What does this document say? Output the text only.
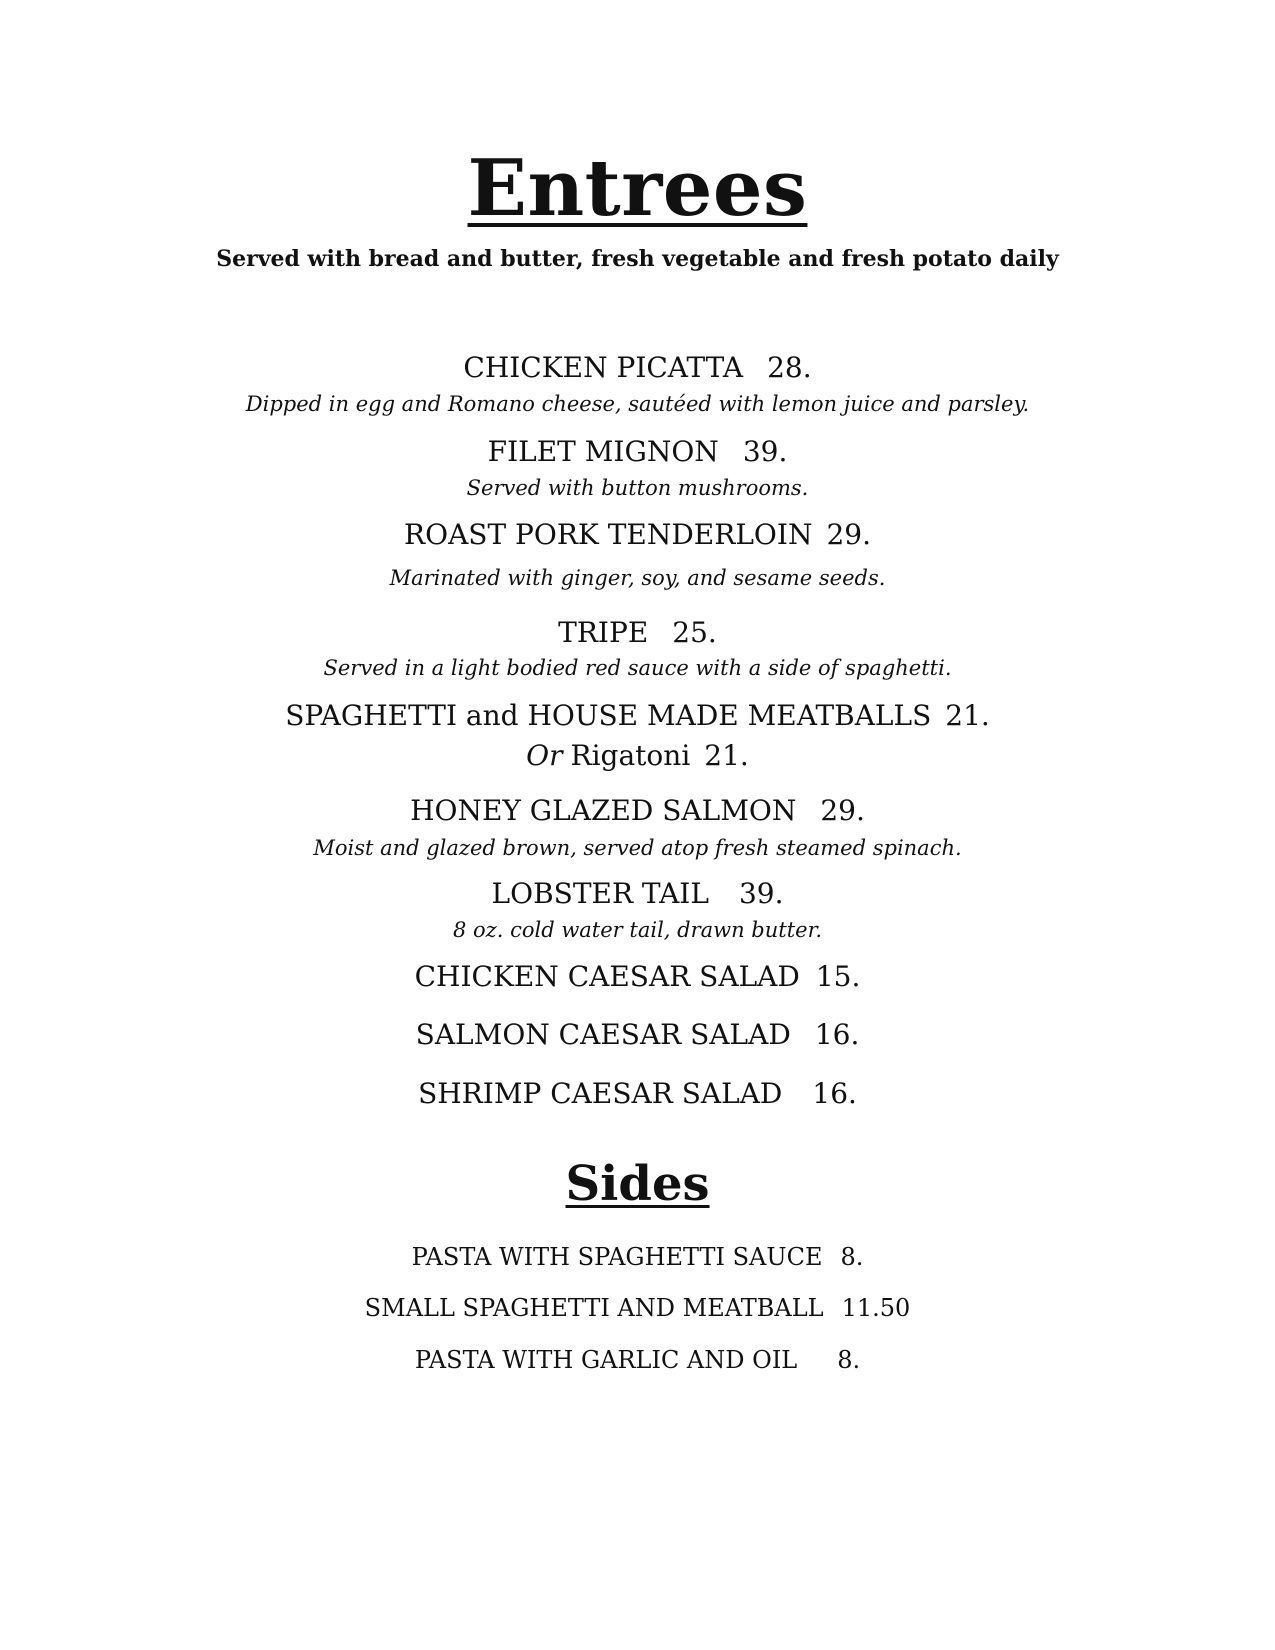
Entrees
Served with bread and butter, fresh vegetable and fresh potato daily
CHICKEN PICATTA 28.
Dipped in egg and Romano cheese, sautéed with lemon juice and parsley.
FILET MIGNON 39.
Served with button mushrooms.
ROAST PORK TENDERLOIN 29.
Marinated with ginger, soy, and sesame seeds.
TRIPE 25.
Served in a light bodied red sauce with a side of spaghetti.
SPAGHETTI and HOUSE MADE MEATBALLS 21.
Or Rigatoni 21.
HONEY GLAZED SALMON 29.
Moist and glazed brown, served atop fresh steamed spinach.
LOBSTER TAIL 39.
8 oz. cold water tail, drawn butter.
CHICKEN CAESAR SALAD 15.
SALMON CAESAR SALAD 16.
SHRIMP CAESAR SALAD 16.
Sides
PASTA WITH SPAGHETTI SAUCE 8.
SMALL SPAGHETTI AND MEATBALL 11.50
PASTA WITH GARLIC AND OIL 8.
